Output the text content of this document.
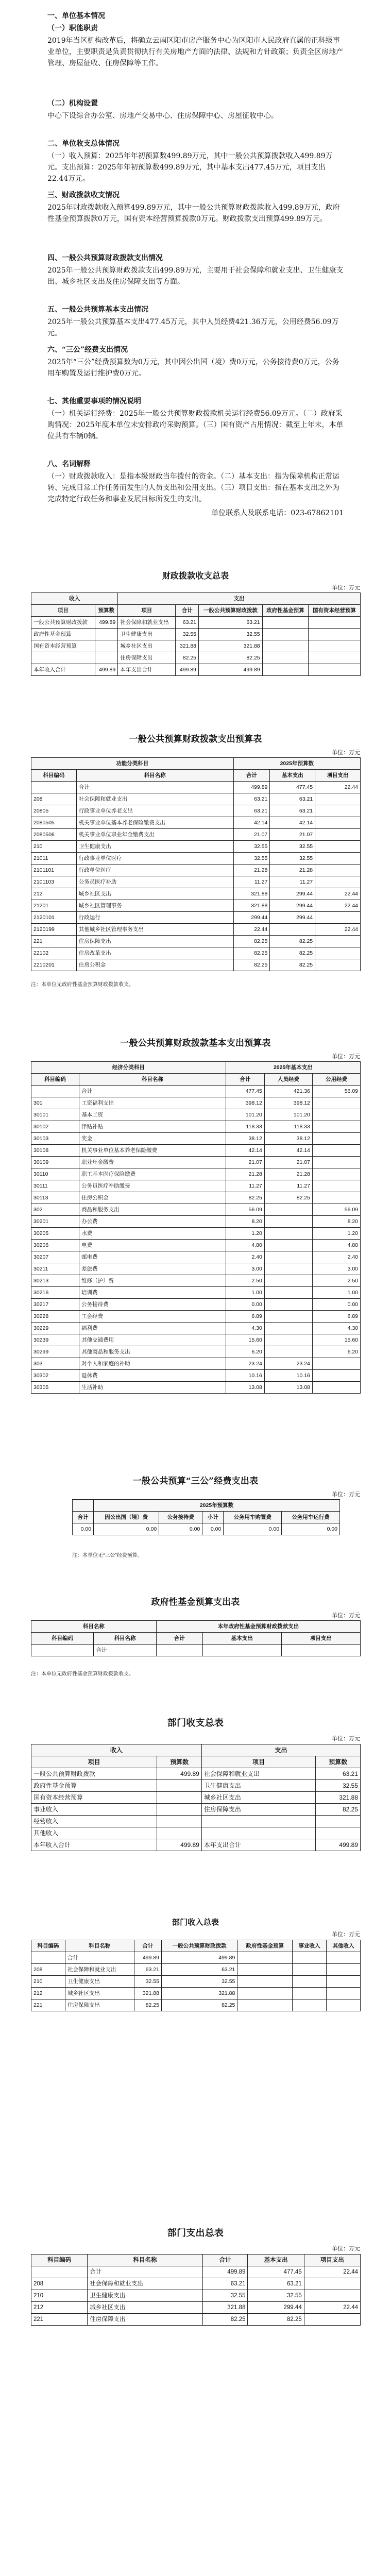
一、单位基本情况
（一）职能职责
2019年当区机构改革后，将确立云南区阳市房产服务中心为区阳市人民政府直属的正科级事业单位，主要职责是负责贯彻执行有关房地产方面的法律、法规和方针政策；负责全区房地产管理、房屋征收、住房保障等工作。
（二）机构设置
中心下设综合办公室、房地产交易中心、住房保障中心、房屋征收中心。
二、单位收支总体情况
（一）收入预算：2025年年初预算数499.89万元，其中一般公共预算拨款收入499.89万元。支出预算：2025年年初预算数499.89万元，其中基本支出477.45万元，项目支出22.44万元。
三、财政拨款收支情况
2025年财政拨款收入预算499.89万元，其中一般公共预算财政拨款收入499.89万元，政府性基金预算拨款0万元，国有资本经营预算拨款0万元。财政拨款支出预算499.89万元。
四、一般公共预算财政拨款支出情况
2025年一般公共预算财政拨款支出499.89万元，主要用于社会保障和就业支出、卫生健康支出、城乡社区支出及住房保障支出等方面。
五、一般公共预算基本支出情况
2025年一般公共预算基本支出477.45万元，其中人员经费421.36万元，公用经费56.09万元。
六、“三公”经费支出情况
2025年“三公”经费预算数为0万元，其中因公出国（境）费0万元，公务接待费0万元，公务用车购置及运行维护费0万元。
七、其他重要事项的情况说明
（一）机关运行经费：2025年一般公共预算财政拨款机关运行经费56.09万元。（二）政府采购情况：2025年度本单位未安排政府采购预算。（三）国有资产占用情况：截至上年末，本单位共有车辆0辆。
八、名词解释
（一）财政拨款收入：是指本级财政当年拨付的资金。（二）基本支出：指为保障机构正常运转、完成日常工作任务而发生的人员支出和公用支出。（三）项目支出：指在基本支出之外为完成特定行政任务和事业发展目标所发生的支出。
单位联系人及联系电话：023-67862101
财政拨款收支总表
单位：万元
收入		支出				
项目	预算数	项目	合计	一般公共预算财政拨款	政府性基金预算	国有资本经营预算
一般公共预算财政拨款	499.89	社会保障和就业支出	63.21	63.21		
政府性基金预算		卫生健康支出	32.55	32.55		
国有资本经营预算		城乡社区支出	321.88	321.88		
		住房保障支出	82.25	82.25		
本年收入合计	499.89	本年支出合计	499.89	499.89		
一般公共预算财政拨款支出预算表
单位：万元
功能分类科目		2025年预算数		
科目编码	科目名称	合计	基本支出	项目支出
	合计	499.89	477.45	22.44
208	社会保障和就业支出	63.21	63.21	
20805	行政事业单位养老支出	63.21	63.21	
2080505	机关事业单位基本养老保险缴费支出	42.14	42.14	
2080506	机关事业单位职业年金缴费支出	21.07	21.07	
210	卫生健康支出	32.55	32.55	
21011	行政事业单位医疗	32.55	32.55	
2101101	行政单位医疗	21.28	21.28	
2101103	公务员医疗补助	11.27	11.27	
212	城乡社区支出	321.88	299.44	22.44
21201	城乡社区管理事务	321.88	299.44	22.44
2120101	行政运行	299.44	299.44	
2120199	其他城乡社区管理事务支出	22.44		22.44
221	住房保障支出	82.25	82.25	
22102	住房改革支出	82.25	82.25	
2210201	住房公积金	82.25	82.25	
注：本单位无政府性基金预算财政拨款收支。
一般公共预算财政拨款基本支出预算表
单位：万元
经济分类科目		2025年基本支出		
科目编码	科目名称	合计	人员经费	公用经费
	合计	477.45	421.36	56.09
301	工资福利支出	398.12	398.12	
30101	基本工资	101.20	101.20	
30102	津贴补贴	118.33	118.33	
30103	奖金	38.12	38.12	
30108	机关事业单位基本养老保险缴费	42.14	42.14	
30109	职业年金缴费	21.07	21.07	
30110	职工基本医疗保险缴费	21.28	21.28	
30111	公务员医疗补助缴费	11.27	11.27	
30113	住房公积金	82.25	82.25	
302	商品和服务支出	56.09		56.09
30201	办公费	8.20		8.20
30205	水费	1.20		1.20
30206	电费	4.80		4.80
30207	邮电费	2.40		2.40
30211	差旅费	3.00		3.00
30213	维修（护）费	2.50		2.50
30216	培训费	1.00		1.00
30217	公务接待费	0.00		0.00
30228	工会经费	6.89		6.89
30229	福利费	4.30		4.30
30239	其他交通费用	15.60		15.60
30299	其他商品和服务支出	6.20		6.20
303	对个人和家庭的补助	23.24	23.24	
30302	退休费	10.16	10.16	
30305	生活补助	13.08	13.08	
一般公共预算“三公”经费支出表
单位：万元
	2025年预算数				
合计	因公出国（境）费	公务接待费	小计	公务用车购置费	公务用车运行费
0.00	0.00	0.00	0.00	0.00	0.00
注：本单位无“三公”经费预算。
政府性基金预算支出表
单位：万元
科目名称		本年政府性基金预算财政拨款支出		
科目编码	科目名称	合计	基本支出	项目支出
	合计			
注：本单位无政府性基金预算财政拨款收支。
部门收支总表
单位：万元
收入		支出	
项目	预算数	项目	预算数
一般公共预算财政拨款	499.89	社会保障和就业支出	63.21
政府性基金预算		卫生健康支出	32.55
国有资本经营预算		城乡社区支出	321.88
事业收入		住房保障支出	82.25
经营收入			
其他收入			
本年收入合计	499.89	本年支出合计	499.89
部门收入总表
单位：万元
科目编码	科目名称	合计	一般公共预算财政拨款	政府性基金预算	事业收入	其他收入
	合计	499.89	499.89			
208	社会保障和就业支出	63.21	63.21			
210	卫生健康支出	32.55	32.55			
212	城乡社区支出	321.88	321.88			
221	住房保障支出	82.25	82.25			
部门支出总表
单位：万元
科目编码	科目名称	合计	基本支出	项目支出
	合计	499.89	477.45	22.44
208	社会保障和就业支出	63.21	63.21	
210	卫生健康支出	32.55	32.55	
212	城乡社区支出	321.88	299.44	22.44
221	住房保障支出	82.25	82.25	
